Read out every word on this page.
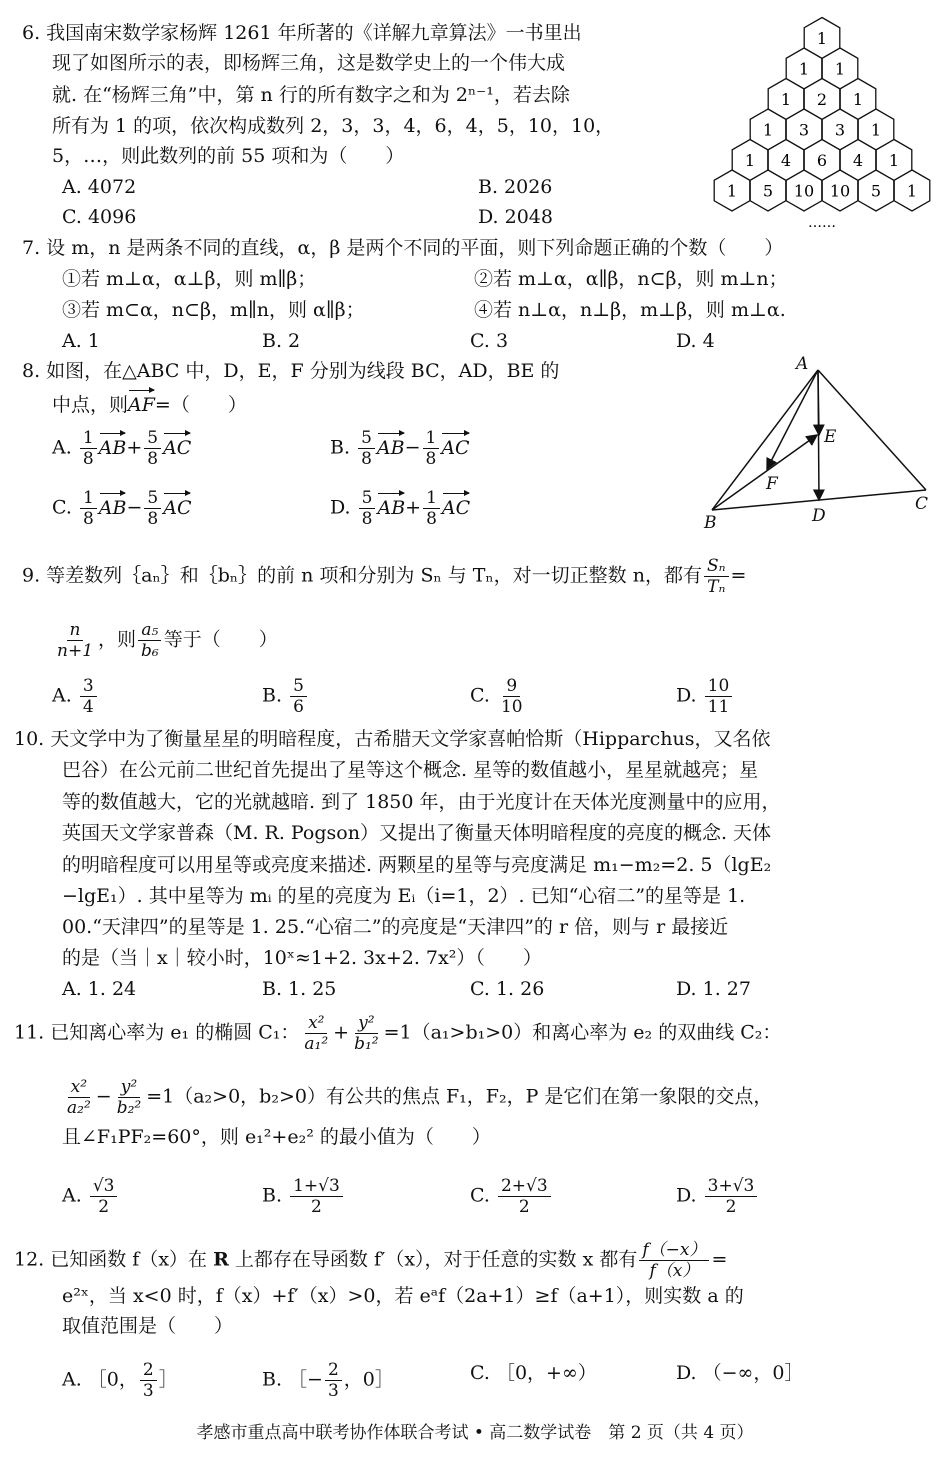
6. 我国南宋数学家杨辉 1261 年所著的《详解九章算法》一书里出
现了如图所示的表，即杨辉三角，这是数学史上的一个伟大成
就. 在“杨辉三角”中，第 n 行的所有数字之和为 2ⁿ⁻¹，若去除
所有为 1 的项，依次构成数列 2，3，3，4，6，4，5，10，10，
5，…，则此数列的前 55 项和为（　　）
A. 4072	B. 2026
C. 4096	D. 2048
1
1 1
1 2 1
1 3 3 1
1 4 6 4 1
1 5 10 10 5 1
……
7. 设 m，n 是两条不同的直线，α，β 是两个不同的平面，则下列命题正确的个数（　　）
①若 m⊥α，α⊥β，则 m∥β；	②若 m⊥α，α∥β，n⊂β，则 m⊥n；
③若 m⊂α，n⊂β，m∥n，则 α∥β；	④若 n⊥α，n⊥β，m⊥β，则 m⊥α.
A. 1	B. 2	C. 3	D. 4
8. 如图，在△ABC 中，D，E，F 分别为线段 BC，AD，BE 的
中点，则AF=（　　）
A. $\frac{1}{8} AB+ \frac{5}{8}$ AC	B. $\frac{5}{8} AB- \frac{1}{8}$ AC
C. $\frac{1}{8} AB- \frac{5}{8}$ AC	D. $\frac{5}{8} AB+ \frac{1}{8}$ AC
A
B
C
D
E
F
9. 等差数列｛aₙ｝和｛bₙ｝的前 n 项和分别为 Sₙ 与 Tₙ，对一切正整数 n，都有 $\frac{\text{Sₙ}}{\text{Tₙ}}$ =
$\frac{n}{n+1}$ ，则 $\frac{\text{a₅}}{\text{b₆}}$ 等于（　　）
A. $\frac{3}{4}$	B. $\frac{5}{6}$	C. $\frac{9}{10}$	D. $\frac{10}{11}$
10. 天文学中为了衡量星星的明暗程度，古希腊天文学家喜帕恰斯（Hipparchus，又名依
巴谷）在公元前二世纪首先提出了星等这个概念. 星等的数值越小，星星就越亮；星
等的数值越大，它的光就越暗. 到了 1850 年，由于光度计在天体光度测量中的应用，
英国天文学家普森（M. R. Pogson）又提出了衡量天体明暗程度的亮度的概念. 天体
的明暗程度可以用星等或亮度来描述. 两颗星的星等与亮度满足 m₁−m₂=2. 5（lgE₂
−lgE₁）. 其中星等为 mᵢ 的星的亮度为 Eᵢ（i=1，2）. 已知“心宿二”的星等是 1.
00.“天津四”的星等是 1. 25.“心宿二”的亮度是“天津四”的 r 倍，则与 r 最接近
的是（当｜x｜较小时，10ˣ≈1+2. 3x+2. 7x²）（　　）
A. 1. 24	B. 1. 25	C. 1. 26	D. 1. 27
11. 已知离心率为 e₁ 的椭圆 C₁： $\frac{\text{x²}}{\text{a₁²}} + \frac{\text{y²}}{\text{b₁²}} =1(a_1>b_1>0)$和离心率为 e₂ 的双曲线 C₂：
$\frac{\text{x²}}{\text{a₂²}} - \frac{\text{y²}}{\text{b₂²}} =1(a_2>0$，b₂>0）有公共的焦点 F₁，F₂，P 是它们在第一象限的交点，
且∠F₁PF₂=60°，则 e₁²+e₂² 的最小值为（　　）
A. $\frac{√3}{2}$	B. $\frac{1+√3}{2}$	C. $\frac{2+√3}{2}$	D. $\frac{3+√3}{2}$
12. 已知函数 f（x）在 R 上都存在导函数 f′（x），对于任意的实数 x 都有 $\frac{f(-x)}{f(x)}$ =
e²ˣ，当 x<0 时，f（x）+f′（x）>0，若 eᵃf（2a+1）≥f（a+1），则实数 a 的
取值范围是（　　）
A. ［0， $\frac{2}{3}$ ］	B. ［− $\frac{2}{3}$ ，0］	C. ［0，+∞）	D. （−∞，0］
孝感市重点高中联考协作体联合考试 • 高二数学试卷　第 2 页（共 4 页）
